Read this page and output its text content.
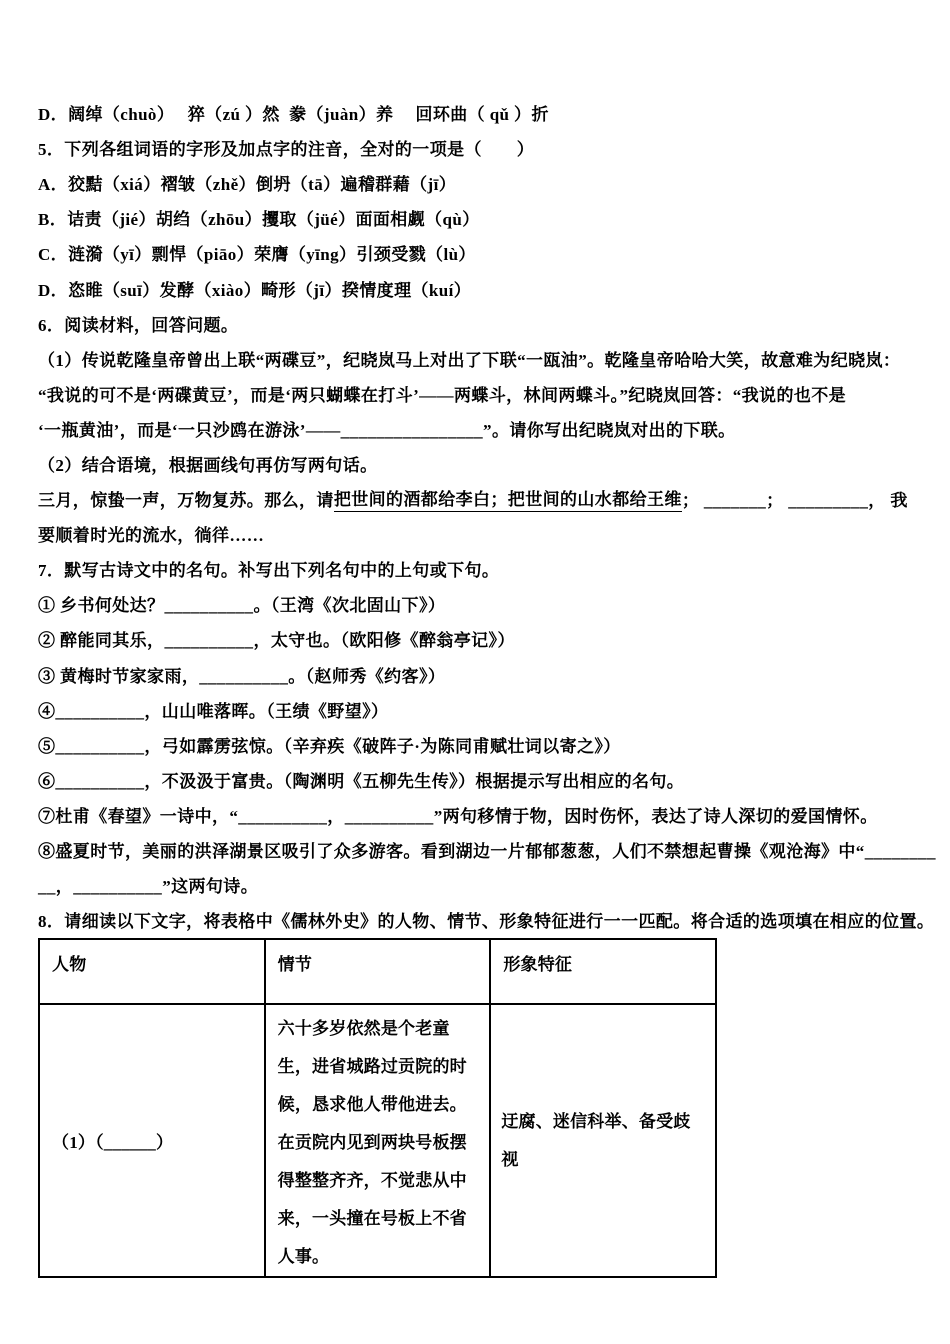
D．阔绰（chuò）　 猝（zú ）然  豢（juàn）养　 回环曲（ qǔ ）折
5．下列各组词语的字形及加点字的注音，全对的一项是（　　）
A．狡黠（xiá）褶皱（zhě）倒坍（tā）遍稽群藉（jī）
B．诘责（jié）胡绉（zhōu）攫取（jüé）面面相觑（qù）
C．涟漪（yī）剽悍（piāo）荣膺（yīng）引颈受戮（lù）
D．恣睢（suī）发酵（xiào）畸形（jī）揆情度理（kuí）
6．阅读材料，回答问题。
（1）传说乾隆皇帝曾出上联“两碟豆”，纪晓岚马上对出了下联“一瓯油”。乾隆皇帝哈哈大笑，故意难为纪晓岚：
“我说的可不是‘两碟黄豆’，而是‘两只蝴蝶在打斗’——两蝶斗，林间两蝶斗。”纪晓岚回答：“我说的也不是
‘一瓶黄油’，而是‘一只沙鸥在游泳’——________________”。请你写出纪晓岚对出的下联。
（2）结合语境，根据画线句再仿写两句话。
三月，惊蛰一声，万物复苏。那么，请 把世间的酒都给李白；把世间的山水都给王维 ； _______； _________， 我
要顺着时光的流水，徜徉……
7．默写古诗文中的名句。补写出下列名句中的上句或下句。
① 乡书何处达？__________。（王湾《次北固山下》）
② 醉能同其乐，__________，太守也。（欧阳修《醉翁亭记》）
③ 黄梅时节家家雨，__________。（赵师秀《约客》）
④__________，山山唯落晖。（王绩《野望》）
⑤__________，弓如霹雳弦惊。（辛弃疾《破阵子·为陈同甫赋壮词以寄之》）
⑥__________，不汲汲于富贵。（陶渊明《五柳先生传》）根据提示写出相应的名句。
⑦杜甫《春望》一诗中，“__________，__________”两句移情于物，因时伤怀，表达了诗人深切的爱国情怀。
⑧盛夏时节，美丽的洪泽湖景区吸引了众多游客。看到湖边一片郁郁葱葱，人们不禁想起曹操《观沧海》中“________
__，__________”这两句诗。
8．请细读以下文字，将表格中《儒林外史》的人物、情节、形象特征进行一一匹配。将合适的选项填在相应的位置。
人物	情节	形象特征
（1）（______）	六十多岁依然是个老童生，进省城路过贡院的时候，恳求他人带他进去。在贡院内见到两块号板摆得整整齐齐，不觉悲从中来，一头撞在号板上不省人事。	迂腐、迷信科举、备受歧视
